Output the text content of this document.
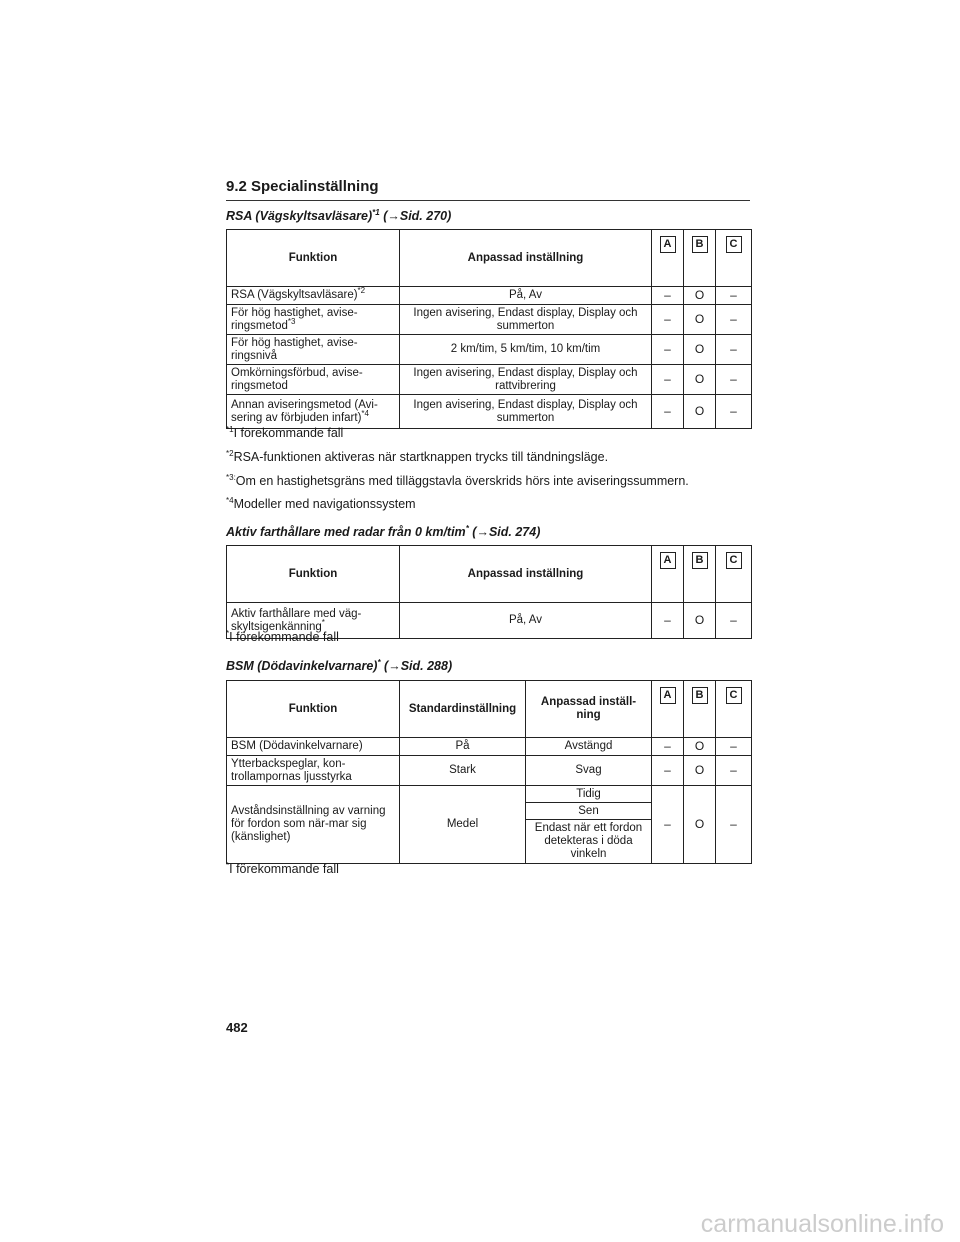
9.2 Specialinställning
RSA (Vägskyltsavläsare)$^{*1}$ (→Sid. 270)
Funktion	Anpassad inställning	A	B	C
RSA (Vägskyltsavläsare)$^{*2}$	På, Av	–	O	–
För hög hastighet, avise-ringsmetod$^{*3}$	Ingen avisering, Endast display, Display och summerton	–	O	–
För hög hastighet, avise-ringsnivå	2 km/tim, 5 km/tim, 10 km/tim	–	O	–
Omkörningsförbud, avise-ringsmetod	Ingen avisering, Endast display, Display och rattvibrering	–	O	–
Annan aviseringsmetod (Avi-sering av förbjuden infart)$^{*4}$	Ingen avisering, Endast display, Display och summerton	–	O	–
$^{*1}$I förekommande fall
$^{*2}$RSA-funktionen aktiveras när startknappen trycks till tändningsläge.
$^{*3:}$Om en hastighetsgräns med tilläggstavla överskrids hörs inte aviseringssummern.
$^{*4}$Modeller med navigationssystem
Aktiv farthållare med radar från 0 km/tim* (→Sid. 274)
Funktion	Anpassad inställning	A	B	C
Aktiv farthållare med väg-skyltsigenkänning*	På, Av	–	O	–
*I förekommande fall
BSM (Dödavinkelvarnare)* (→Sid. 288)
Funktion	Standardinställning	Anpassad inställ-ning	A	B	C
BSM (Dödavinkelvarnare)	På	Avstängd	–	O	–
Ytterbackspeglar, kon-trollampornas ljusstyrka	Stark	Svag	–	O	–
Avståndsinställning av varning för fordon som när-mar sig (känslighet)	Medel	Tidig	–	O	–
		Sen			
		Endast när ett fordon detekteras i döda vinkeln			
*I förekommande fall
482
carmanualsonline.info
